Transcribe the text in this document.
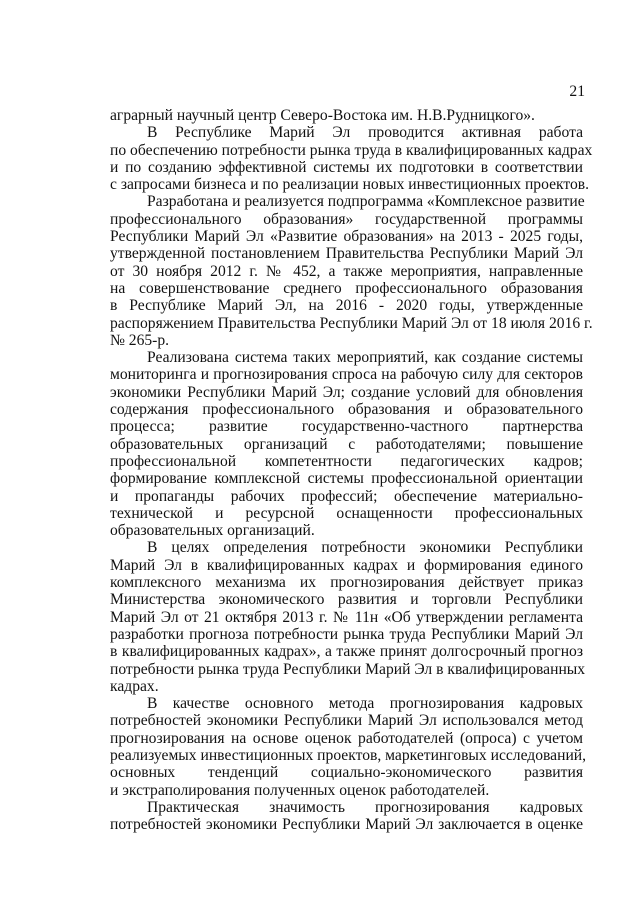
21
аграрный научный центр Северо-Востока им. Н.В.Рудницкого».
В Республике Марий Эл проводится активная работа
по обеспечению потребности рынка труда в квалифицированных кадрах
и по созданию эффективной системы их подготовки в соответствии
с запросами бизнеса и по реализации новых инвестиционных проектов.
Разработана и реализуется подпрограмма «Комплексное развитие
профессионального образования» государственной программы
Республики Марий Эл «Развитие образования» на 2013 - 2025 годы,
утвержденной постановлением Правительства Республики Марий Эл
от 30 ноября 2012 г. № 452, а также мероприятия, направленные
на совершенствование среднего профессионального образования
в Республике Марий Эл, на 2016 - 2020 годы, утвержденные
распоряжением Правительства Республики Марий Эл от 18 июля 2016 г.
№ 265-р.
Реализована система таких мероприятий, как создание системы
мониторинга и прогнозирования спроса на рабочую силу для секторов
экономики Республики Марий Эл; создание условий для обновления
содержания профессионального образования и образовательного
процесса; развитие государственно-частного партнерства
образовательных организаций с работодателями; повышение
профессиональной компетентности педагогических кадров;
формирование комплексной системы профессиональной ориентации
и пропаганды рабочих профессий; обеспечение материально-
технической и ресурсной оснащенности профессиональных
образовательных организаций.
В целях определения потребности экономики Республики
Марий Эл в квалифицированных кадрах и формирования единого
комплексного механизма их прогнозирования действует приказ
Министерства экономического развития и торговли Республики
Марий Эл от 21 октября 2013 г. № 11н «Об утверждении регламента
разработки прогноза потребности рынка труда Республики Марий Эл
в квалифицированных кадрах», а также принят долгосрочный прогноз
потребности рынка труда Республики Марий Эл в квалифицированных
кадрах.
В качестве основного метода прогнозирования кадровых
потребностей экономики Республики Марий Эл использовался метод
прогнозирования на основе оценок работодателей (опроса) с учетом
реализуемых инвестиционных проектов, маркетинговых исследований,
основных тенденций социально-экономического развития
и экстраполирования полученных оценок работодателей.
Практическая значимость прогнозирования кадровых
потребностей экономики Республики Марий Эл заключается в оценке
